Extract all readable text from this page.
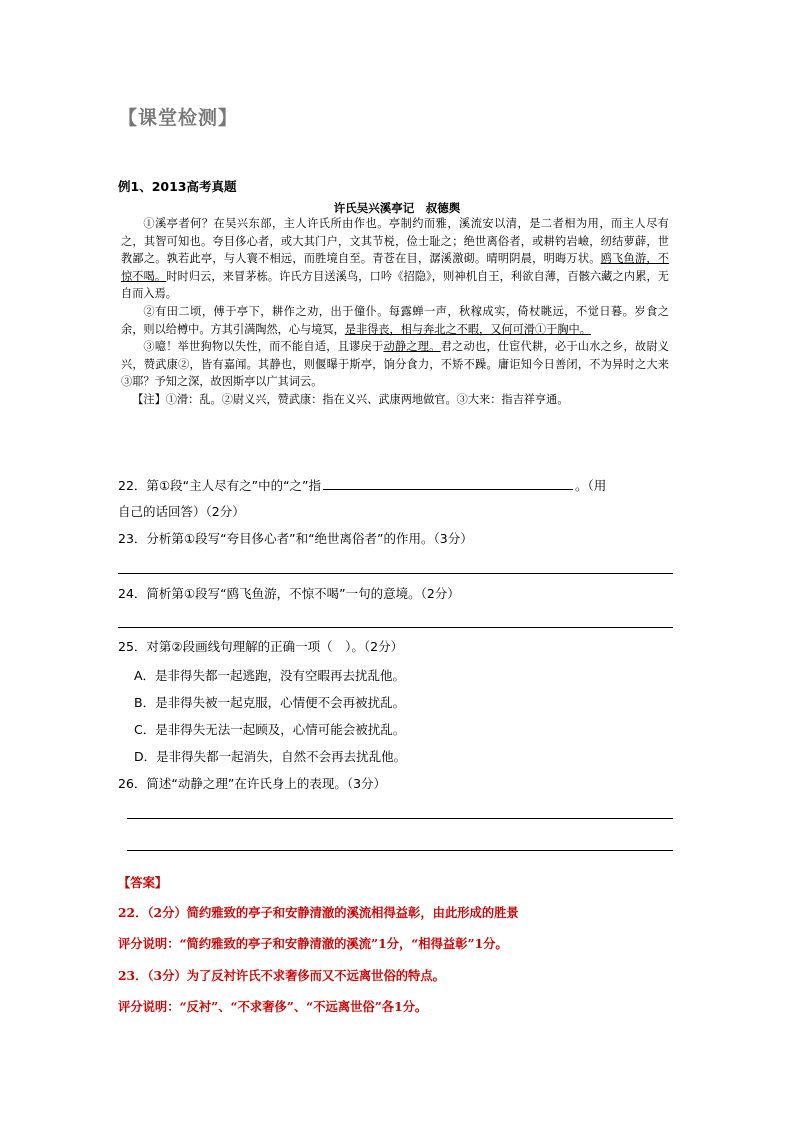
【课堂检测】
例1、2013高考真题
许氏吴兴溪亭记　叔德舆

①溪亭者何？在吴兴东部，主人许氏所由作也。亭制约而雅，溪流安以清，是二者相为用，而主人尽有之，其智可知也。夸目侈心者，或大其门户，文其节棁，俭士耻之；绝世离俗者，或耕钓岩嶮，纫结萝薜，世教鄙之。孰若此亭，与人寰不相远，而胜境自至。青苍在目，潺溪激砌。晴明阴晨，明晦万状。鸥飞鱼游，不惊不喝。时时归云，来冒茅栋。许氏方目送溪鸟，口吟《招隐》，则神机自王，利欲自薄，百骸六藏之内累，无自而入焉。

②有田二顷，傅于亭下，耕作之劝，出于僮仆。每露蝉一声，秋稼成实，倚杖眺远，不觉日暮。岁食之余，则以给樽中。方其引满陶然，心与境冥，是非得丧，相与奔北之不暇，又何可滑①于胸中。

③噫！举世狗物以失性，而不能自适，且谬戾于动静之理。君之动也，仕宦代耕，必于山水之乡，故尉义兴，赞武康②，皆有嘉闻。其静也，则偃曝于斯亭，饷分食力，不矫不躁。庸讵知今日善闭，不为异时之大来③耶？予知之深，故因斯亭以广其词云。

【注】①滑：乱。②尉义兴，赞武康：指在义兴、武康两地做官。③大来：指吉祥亨通。

22．第①段“主人尽有之”中的“之”指	。（用
自己的话回答）（2分）
23．分析第①段写“夸目侈心者”和“绝世离俗者”的作用。（3分）
24．简析第①段写“鸥飞鱼游，不惊不喝”一句的意境。（2分）
25．对第②段画线句理解的正确一项（　）。（2分）
A．是非得失都一起逃跑，没有空暇再去扰乱他。
B．是非得失被一起克服，心情便不会再被扰乱。
C．是非得失无法一起顾及，心情可能会被扰乱。
D．是非得失都一起消失，自然不会再去扰乱他。
26．简述“动静之理”在许氏身上的表现。（3分）
【答案】
22．（2分）简约雅致的亭子和安静清澈的溪流相得益彰，由此形成的胜景
评分说明：“简约雅致的亭子和安静清澈的溪流”1分，“相得益彰”1分。
23．（3分）为了反衬许氏不求奢侈而又不远离世俗的特点。
评分说明：“反衬”、“不求奢侈”、“不远离世俗”各1分。
